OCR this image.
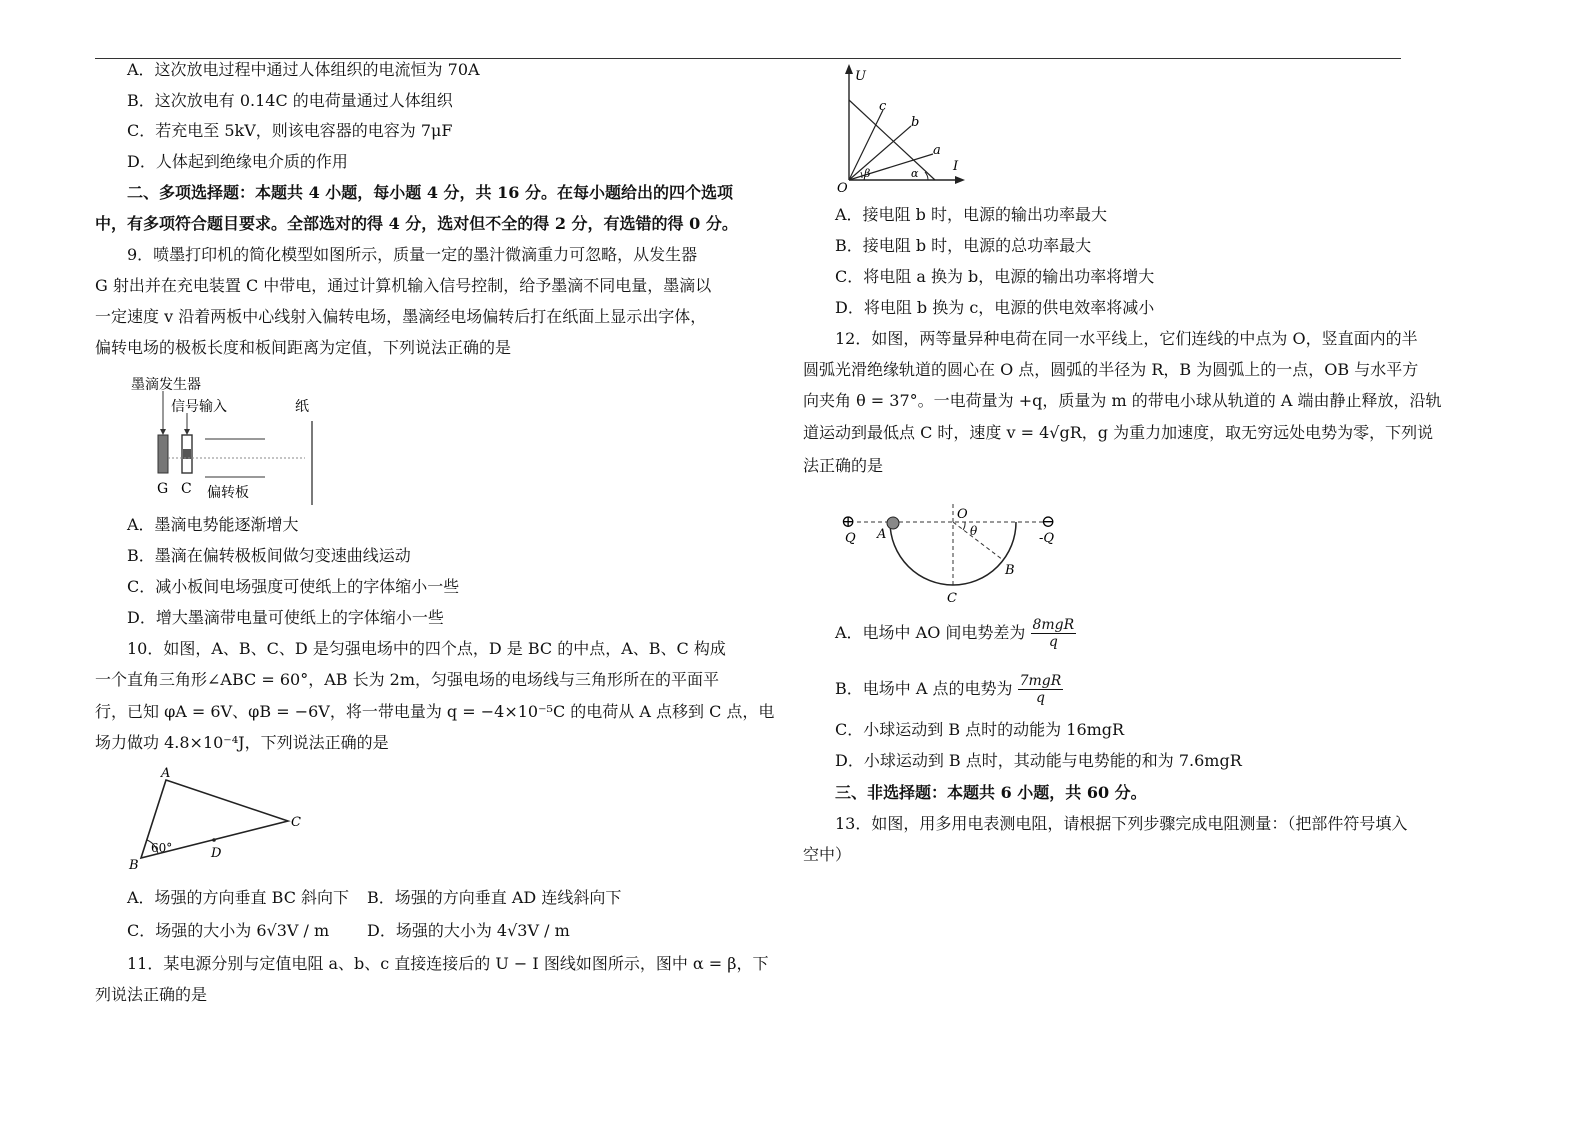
A．这次放电过程中通过人体组织的电流恒为 70A
B．这次放电有 0.14C 的电荷量通过人体组织
C．若充电至 5kV，则该电容器的电容为 7μF
D．人体起到绝缘电介质的作用
二、多项选择题：本题共 4 小题，每小题 4 分，共 16 分。在每小题给出的四个选项
中，有多项符合题目要求。全部选对的得 4 分，选对但不全的得 2 分，有选错的得 0 分。
9．喷墨打印机的简化模型如图所示，质量一定的墨汁微滴重力可忽略，从发生器
G 射出并在充电装置 C 中带电，通过计算机输入信号控制，给予墨滴不同电量，墨滴以
一定速度 v 沿着两板中心线射入偏转电场，墨滴经电场偏转后打在纸面上显示出字体，
偏转电场的极板长度和板间距离为定值，下列说法正确的是
墨滴发生器
信号输入	纸
G C 偏转板
A．墨滴电势能逐渐增大
B．墨滴在偏转极板间做匀变速曲线运动
C．减小板间电场强度可使纸上的字体缩小一些
D．增大墨滴带电量可使纸上的字体缩小一些
10．如图，A、B、C、D 是匀强电场中的四个点，D 是 BC 的中点，A、B、C 构成
一个直角三角形∠ABC = 60°，AB 长为 2m，匀强电场的电场线与三角形所在的平面平
行，已知 φA = 6V、φB = −6V，将一带电量为 q = −4×10⁻⁵C 的电荷从 A 点移到 C 点，电
场力做功 4.8×10⁻⁴J，下列说法正确的是
A
B
C
D
60°
A．场强的方向垂直 BC 斜向下 B．场强的方向垂直 AD 连线斜向下
C．场强的大小为 6√3V / m D．场强的大小为 4√3V / m
11．某电源分别与定值电阻 a、b、c 直接连接后的 U − I 图线如图所示，图中 α = β，下
列说法正确的是
U
I
O
c
b
a
β	α
A．接电阻 b 时，电源的输出功率最大
B．接电阻 b 时，电源的总功率最大
C．将电阻 a 换为 b，电源的输出功率将增大
D．将电阻 b 换为 c，电源的供电效率将减小
12．如图，两等量异种电荷在同一水平线上，它们连线的中点为 O，竖直面内的半
圆弧光滑绝缘轨道的圆心在 O 点，圆弧的半径为 R，B 为圆弧上的一点，OB 与水平方
向夹角 θ = 37°。一电荷量为 +q，质量为 m 的带电小球从轨道的 A 端由静止释放，沿轨
道运动到最低点 C 时，速度 v = 4√gR，g 为重力加速度，取无穷远处电势为零，下列说
法正确的是
⊕	⊖
Q	-Q
A
O
θ
B
C
A．电场中 AO 间电势差为 $\frac{\text{8mgR}}{q}$
B．电场中 A 点的电势为 $\frac{\text{7mgR}}{q}$
C．小球运动到 B 点时的动能为 16mgR
D．小球运动到 B 点时，其动能与电势能的和为 7.6mgR
三、非选择题：本题共 6 小题，共 60 分。
13．如图，用多用电表测电阻，请根据下列步骤完成电阻测量：（把部件符号填入
空中）
